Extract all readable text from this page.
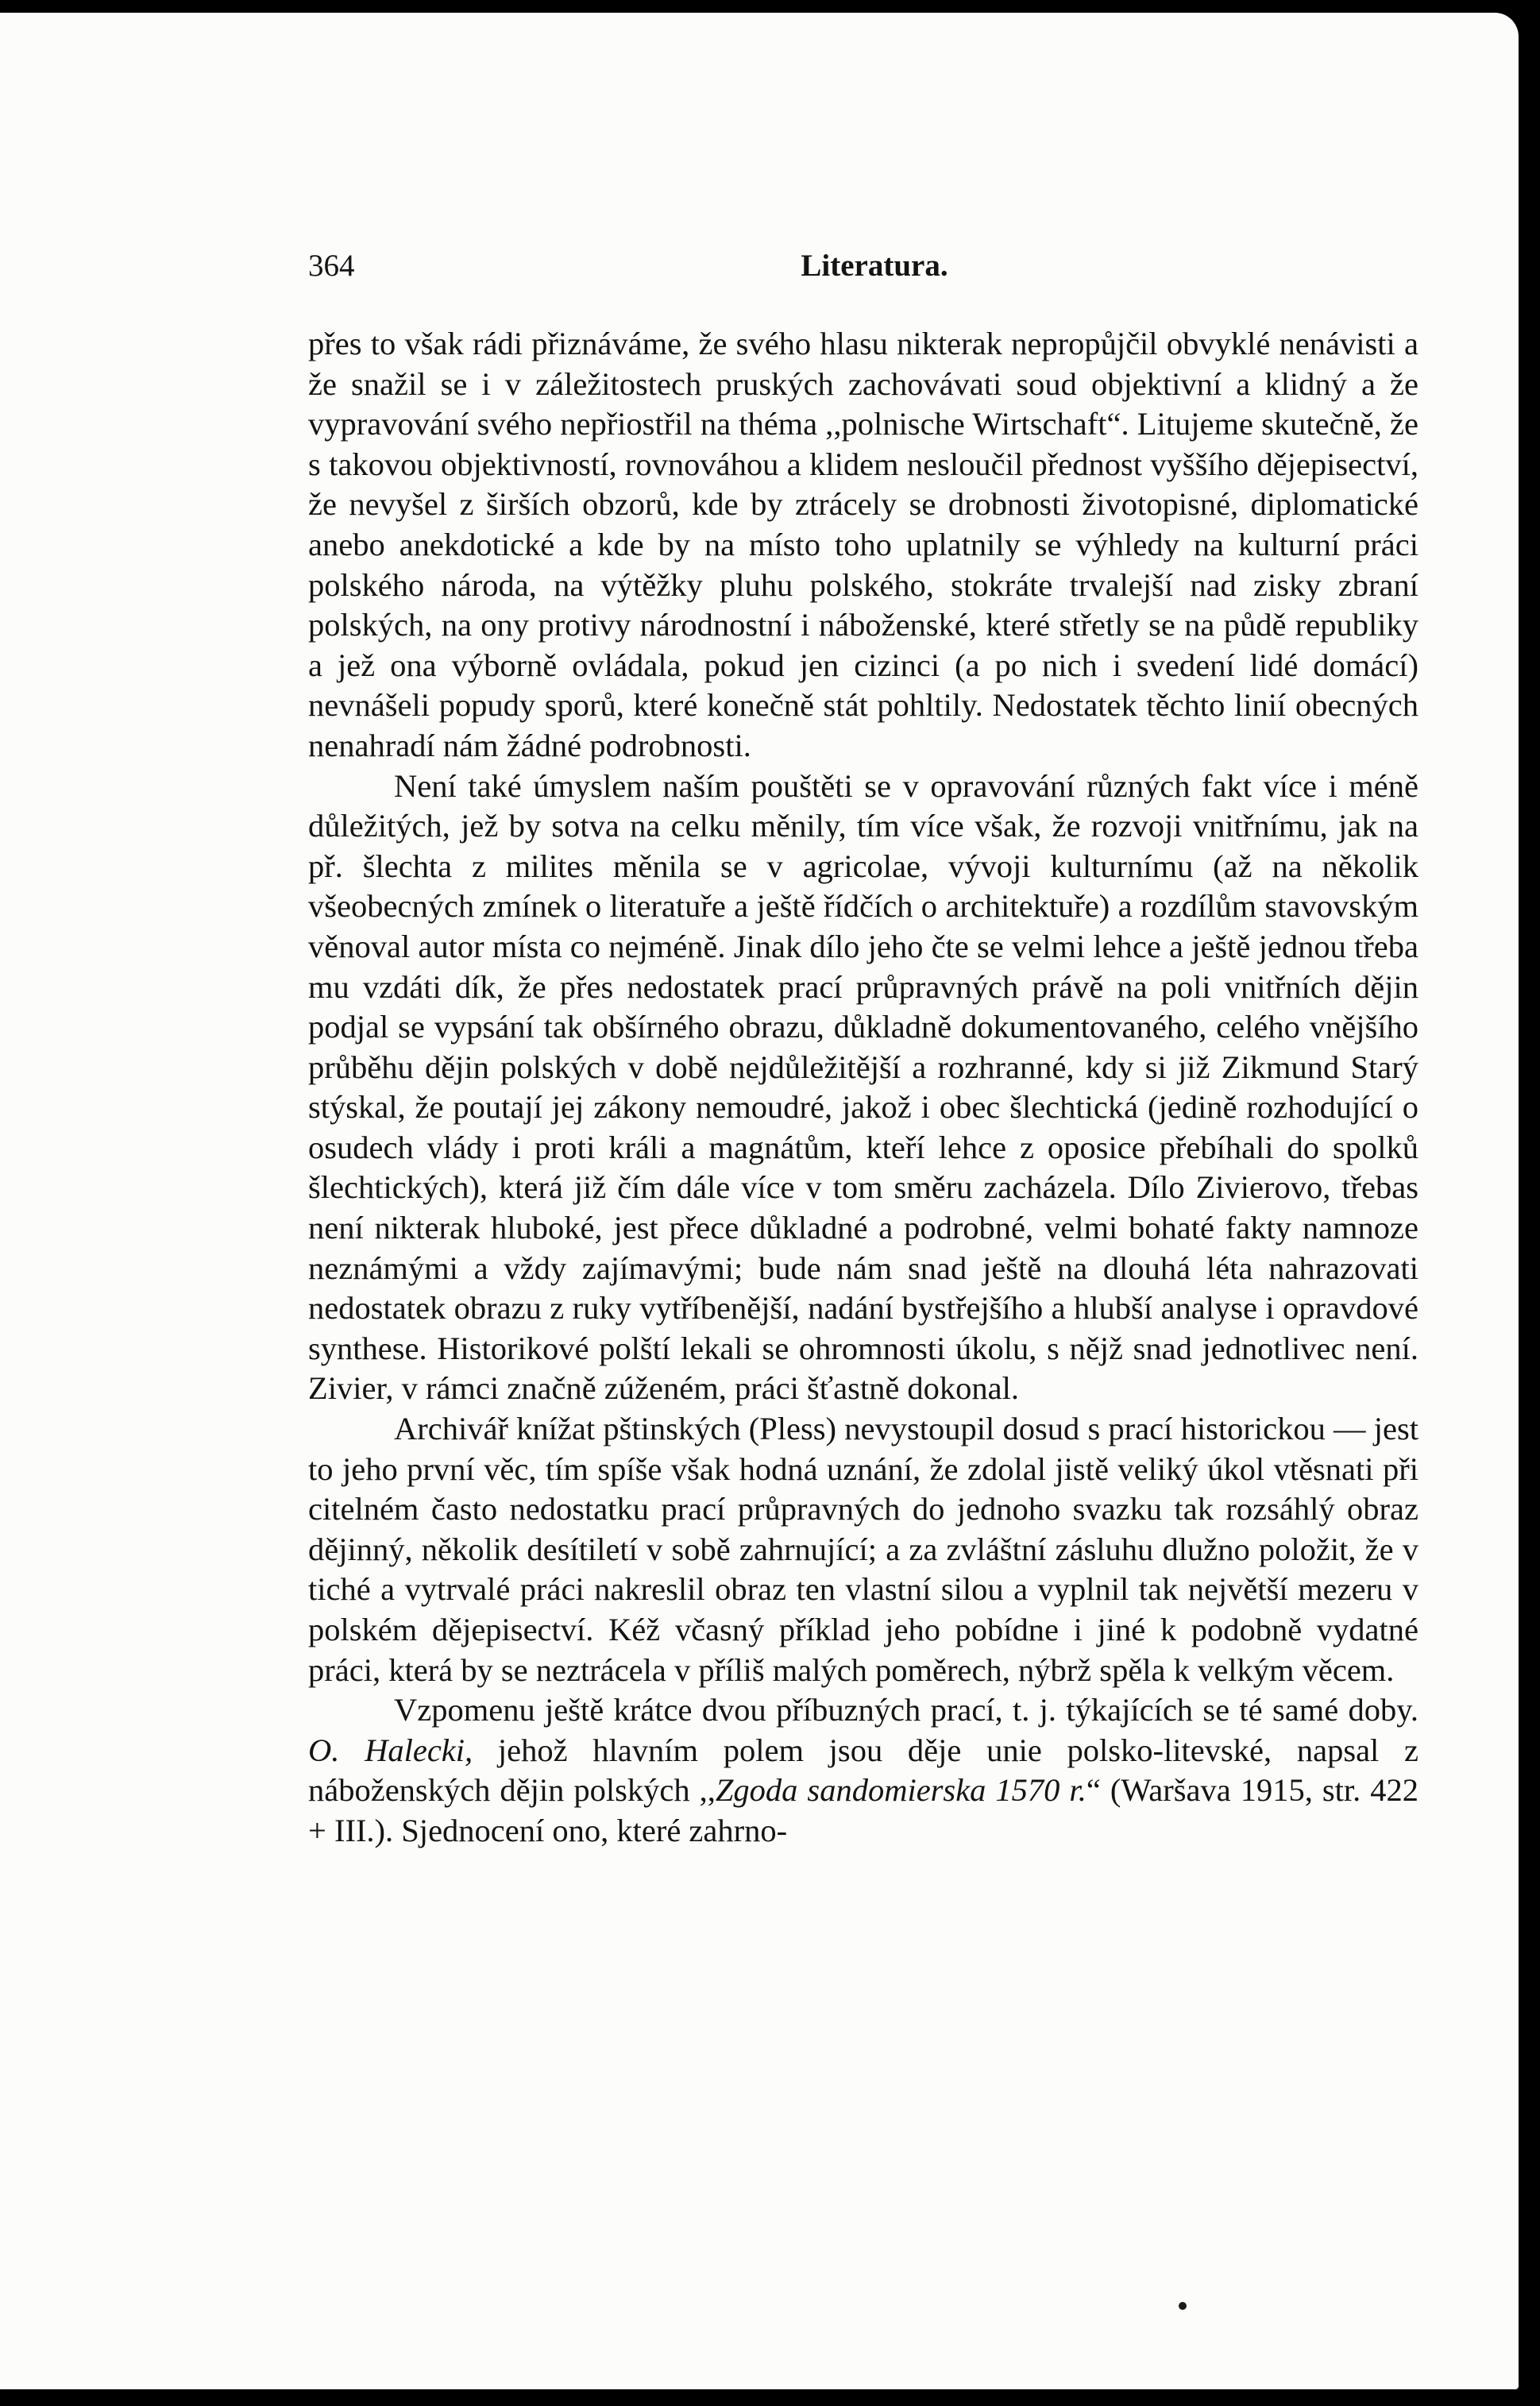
364	Literatura.

přes to však rádi přiznáváme, že svého hlasu nikterak nepropůjčil obvyklé nenávisti a že snažil se i v záležitostech pruských zachovávati soud objektivní a klidný a že vypravování svého nepřiostřil na théma ,,polnische Wirtschaft“. Litujeme skutečně, že s takovou objektivností, rovnováhou a klidem nesloučil přednost vyššího dějepisectví, že nevyšel z širších obzorů, kde by ztrácely se drobnosti životopisné, diplomatické anebo anekdotické a kde by na místo toho uplatnily se výhledy na kulturní práci polského národa, na výtěžky pluhu polského, stokráte trvalejší nad zisky zbraní polských, na ony protivy národnostní i náboženské, které střetly se na půdě republiky a jež ona výborně ovládala, pokud jen cizinci (a po nich i svedení lidé domácí) nevnášeli popudy sporů, které konečně stát pohltily. Nedostatek těchto linií obecných nenahradí nám žádné podrobnosti.

Není také úmyslem naším pouštěti se v opravování různých fakt více i méně důležitých, jež by sotva na celku měnily, tím více však, že rozvoji vnitřnímu, jak na př. šlechta z milites měnila se v agricolae, vývoji kulturnímu (až na několik všeobecných zmínek o literatuře a ještě řídčích o architektuře) a rozdílům stavovským věnoval autor místa co nejméně. Jinak dílo jeho čte se velmi lehce a ještě jednou třeba mu vzdáti dík, že přes nedostatek prací průpravných právě na poli vnitřních dějin podjal se vypsání tak obšírného obrazu, důkladně dokumentovaného, celého vnějšího průběhu dějin polských v době nejdůležitější a rozhranné, kdy si již Zikmund Starý stýskal, že poutají jej zákony nemoudré, jakož i obec šlechtická (jedině rozhodující o osudech vlády i proti králi a magnátům, kteří lehce z oposice přebíhali do spolků šlechtických), která již čím dále více v tom směru zacházela. Dílo Zivierovo, třebas není nikterak hluboké, jest přece důkladné a podrobné, velmi bohaté fakty namnoze neznámými a vždy zajímavými; bude nám snad ještě na dlouhá léta nahrazovati nedostatek obrazu z ruky vytříbenější, nadání bystřejšího a hlubší analyse i opravdové synthese. Historikové polští lekali se ohromnosti úkolu, s nějž snad jednotlivec není. Zivier, v rámci značně zúženém, práci šťastně dokonal.

Archivář knížat pštinských (Pless) nevystoupil dosud s prací historickou — jest to jeho první věc, tím spíše však hodná uznání, že zdolal jistě veliký úkol vtěsnati při citelném často nedostatku prací průpravných do jednoho svazku tak rozsáhlý obraz dějinný, několik desítiletí v sobě zahrnující; a za zvláštní zásluhu dlužno položit, že v tiché a vytrvalé práci nakreslil obraz ten vlastní silou a vyplnil tak největší mezeru v polském dějepisectví. Kéž včasný příklad jeho pobídne i jiné k podobně vydatné práci, která by se neztrácela v příliš malých poměrech, nýbrž spěla k velkým věcem.

Vzpomenu ještě krátce dvou příbuzných prací, t. j. týkajících se té samé doby. O. Halecki, jehož hlavním polem jsou děje unie polsko-litevské, napsal z náboženských dějin polských ,,Zgoda sandomierska 1570 r.“ (Waršava 1915, str. 422 + III.). Sjednocení ono, které zahrno-
